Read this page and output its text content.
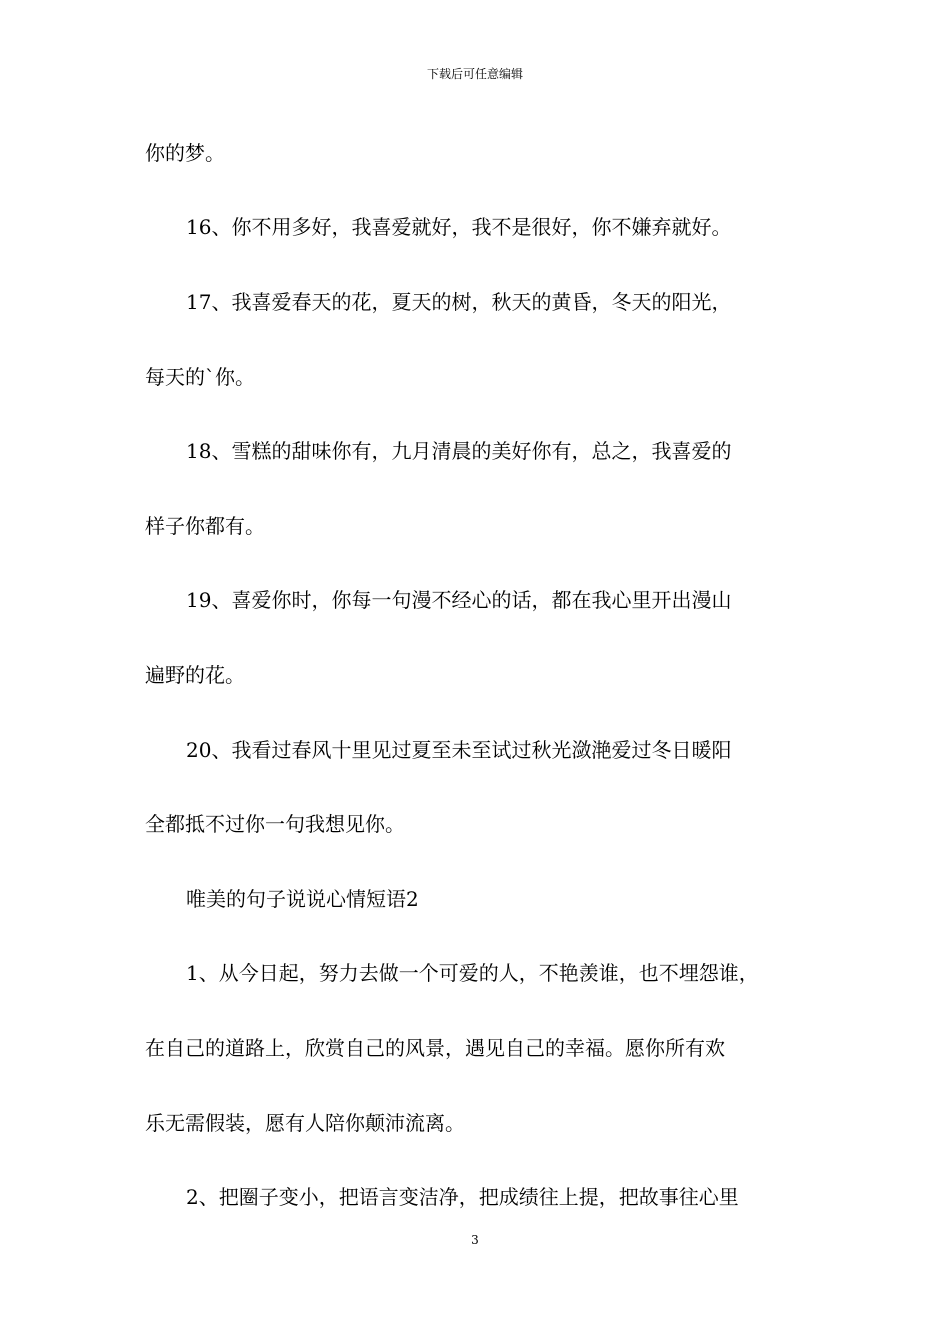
下载后可任意编辑
你的梦。
16、你不用多好，我喜爱就好，我不是很好，你不嫌弃就好。
17、我喜爱春天的花，夏天的树，秋天的黄昏，冬天的阳光，
每天的`你。
18、雪糕的甜味你有，九月清晨的美好你有，总之，我喜爱的
样子你都有。
19、喜爱你时，你每一句漫不经心的话，都在我心里开出漫山
遍野的花。
20、我看过春风十里见过夏至未至试过秋光潋滟爱过冬日暖阳
全都抵不过你一句我想见你。
唯美的句子说说心情短语2
1、从今日起，努力去做一个可爱的人，不艳羡谁，也不埋怨谁，
在自己的道路上，欣赏自己的风景，遇见自己的幸福。愿你所有欢
乐无需假装，愿有人陪你颠沛流离。
2、把圈子变小，把语言变洁净，把成绩往上提，把故事往心里
3
